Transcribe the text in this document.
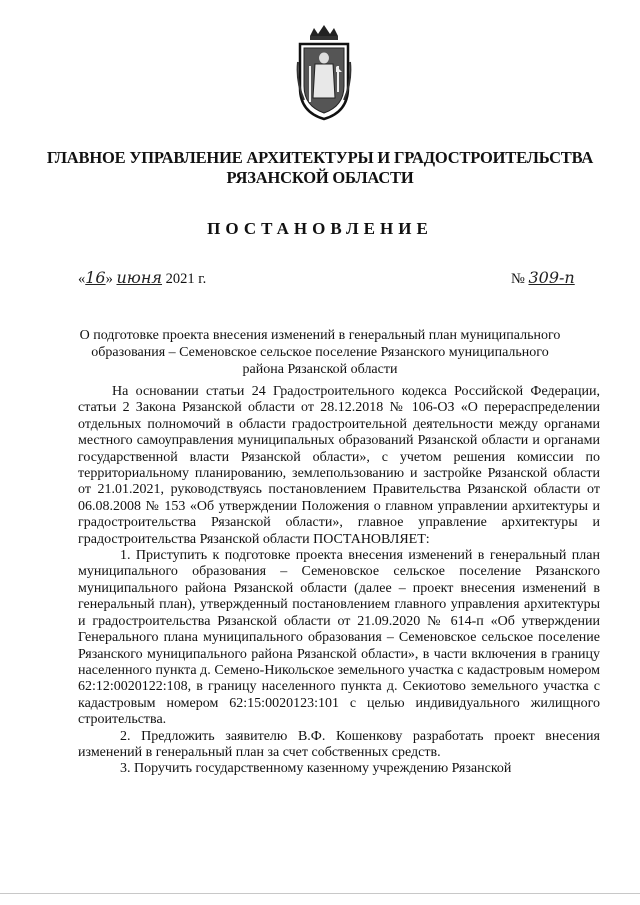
ГЛАВНОЕ УПРАВЛЕНИЕ АРХИТЕКТУРЫ И ГРАДОСТРОИТЕЛЬСТВА
РЯЗАНСКОЙ ОБЛАСТИ
ПОСТАНОВЛЕНИЕ
«16» июня 2021 г.	№ 309-п
О подготовке проекта внесения изменений в генеральный план муниципального образования – Семеновское сельское поселение Рязанского муниципального района Рязанской области

На основании статьи 24 Градостроительного кодекса Российской Федерации, статьи 2 Закона Рязанской области от 28.12.2018 № 106-ОЗ «О перераспределении отдельных полномочий в области градостроительной деятельности между органами местного самоуправления муниципальных образований Рязанской области и органами государственной власти Рязанской области», с учетом решения комиссии по территориальному планированию, землепользованию и застройке Рязанской области от 21.01.2021, руководствуясь постановлением Правительства Рязанской области от 06.08.2008 № 153 «Об утверждении Положения о главном управлении архитектуры и градостроительства Рязанской области», главное управление архитектуры и градостроительства Рязанской области ПОСТАНОВЛЯЕТ:

1. Приступить к подготовке проекта внесения изменений в генеральный план муниципального образования – Семеновское сельское поселение Рязанского муниципального района Рязанской области (далее – проект внесения изменений в генеральный план), утвержденный постановлением главного управления архитектуры и градостроительства Рязанской области от 21.09.2020 № 614-п «Об утверждении Генерального плана муниципального образования – Семеновское сельское поселение Рязанского муниципального района Рязанской области», в части включения в границу населенного пункта д. Семено-Никольское земельного участка с кадастровым номером 62:12:0020122:108, в границу населенного пункта д. Секиотово земельного участка с кадастровым номером 62:15:0020123:101 с целью индивидуального жилищного строительства.

2. Предложить заявителю В.Ф. Кошенкову разработать проект внесения изменений в генеральный план за счет собственных средств.

3. Поручить государственному казенному учреждению Рязанской
